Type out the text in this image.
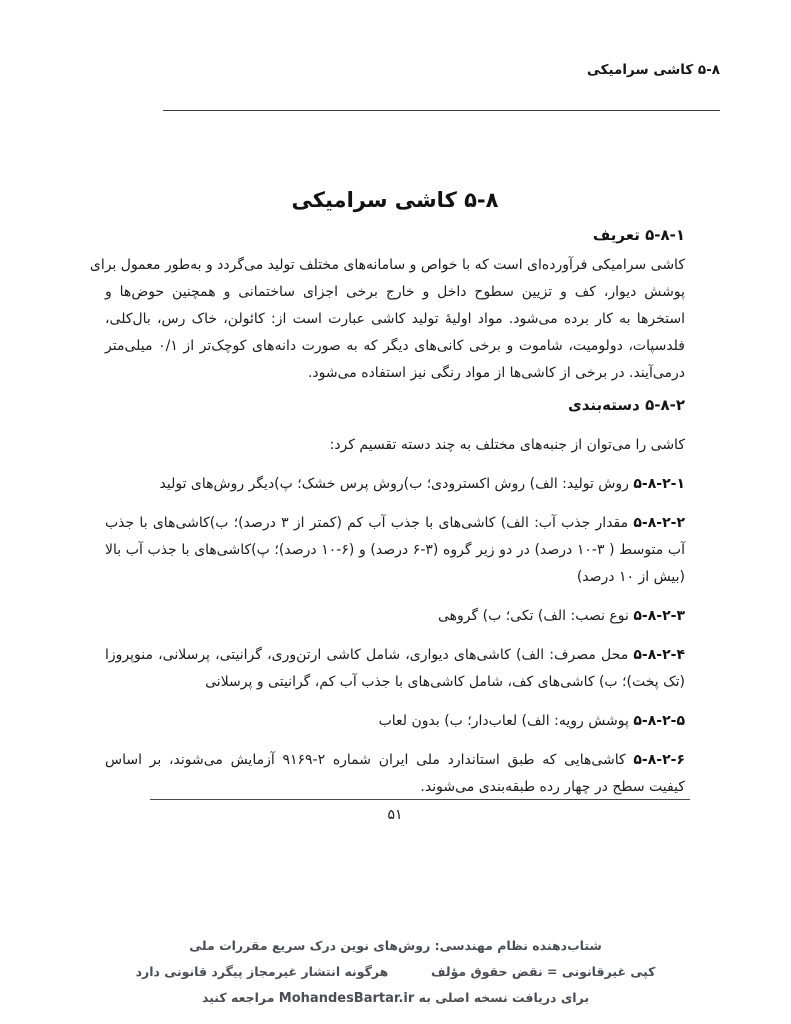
۵-۸ کاشی سرامیکی
۵-۸ کاشی سرامیکی
۵-۸-۱ تعریف
کاشی سرامیکی فرآورده‌ای است که با خواص و سامانه‌های مختلف تولید می‌گردد و به‌طور معمول برای
پوشش دیوار، کف و تزیین سطوح داخل و خارج برخی اجزای ساختمانی و همچنین حوض‌ها و
استخرها به کار برده می‌شود. مواد اولیهٔ تولید کاشی عبارت است از: کائولن، خاک رس، بال‌کلی،
فلدسپات، دولومیت، شاموت و برخی کانی‌های دیگر که به صورت دانه‌های کوچک‌تر از ۰/۱ میلی‌متر
درمی‌آیند. در برخی از کاشی‌ها از مواد رنگی نیز استفاده می‌شود.
۵-۸-۲ دسته‌بندی
کاشی را می‌توان از جنبه‌های مختلف به چند دسته تقسیم کرد:
۵-۸-۲-۱ روش تولید: الف) روش اکسترودی؛ ب)روش پرس خشک؛ پ)دیگر روش‌های تولید
۵-۸-۲-۲ مقدار جذب آب: الف) کاشی‌های با جذب آب کم (کمتر از ۳ درصد)؛ ب)کاشی‌های با جذب آب متوسط ( ۳-۱۰ درصد) در دو زیر گروه (۳-۶ درصد) و (۶-۱۰ درصد)؛ پ)کاشی‌های با جذب آب بالا (بیش از ۱۰ درصد)
۵-۸-۲-۳ نوع نصب: الف) تکی؛ ب) گروهی
۵-۸-۲-۴ محل مصرف: الف) کاشی‌های دیواری، شامل کاشی ارتن‌وری، گرانیتی، پرسلانی، منوپروزا (تک پخت)؛ ب) کاشی‌های کف، شامل کاشی‌های با جذب آب کم، گرانیتی و پرسلانی
۵-۸-۲-۵ پوشش رویه: الف) لعاب‌دار؛ ب) بدون لعاب
۵-۸-۲-۶ کاشی‌هایی که طبق استاندارد ملی ایران شماره ۲-۹۱۶۹ آزمایش می‌شوند، بر اساس کیفیت سطح در چهار رده طبقه‌بندی می‌شوند.
۵۱
شتاب‌دهنده نظام مهندسی: روش‌های نوین درک سریع مقررات ملی
کپی غیرقانونی = نقض حقوق مؤلف  هرگونه انتشار غیرمجاز پیگرد قانونی دارد
برای دریافت نسخه اصلی به MohandesBartar.ir مراجعه کنید
